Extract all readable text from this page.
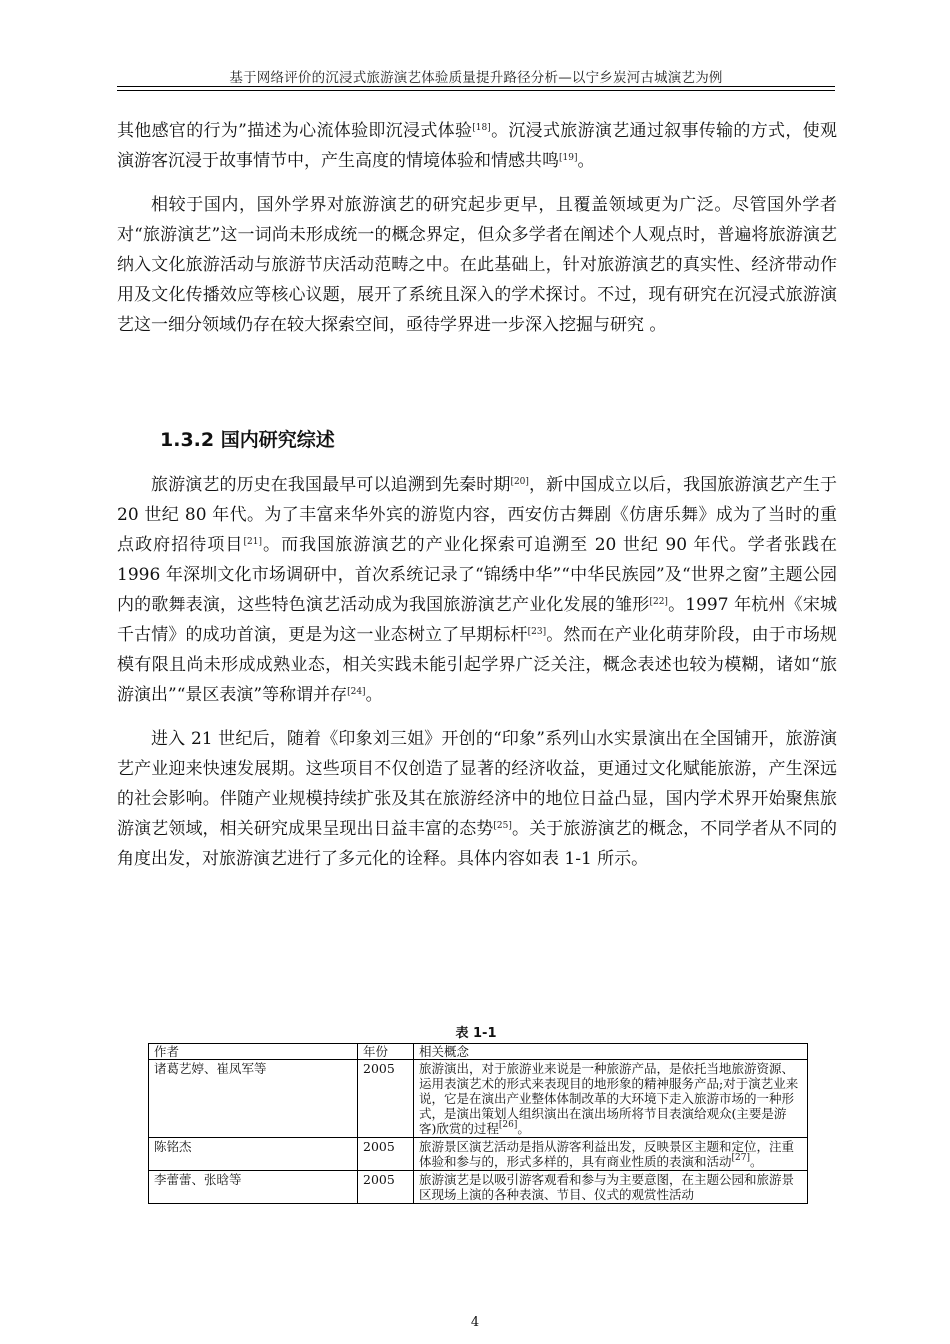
基于网络评价的沉浸式旅游演艺体验质量提升路径分析—以宁乡炭河古城演艺为例

其他感官的行为”描述为心流体验即沉浸式体验[18]。沉浸式旅游演艺通过叙事传输的方式，使观演游客沉浸于故事情节中，产生高度的情境体验和情感共鸣[19]。

相较于国内，国外学界对旅游演艺的研究起步更早，且覆盖领域更为广泛。尽管国外学者对“旅游演艺”这一词尚未形成统一的概念界定，但众多学者在阐述个人观点时，普遍将旅游演艺纳入文化旅游活动与旅游节庆活动范畴之中。在此基础上，针对旅游演艺的真实性、经济带动作用及文化传播效应等核心议题，展开了系统且深入的学术探讨。不过，现有研究在沉浸式旅游演艺这一细分领域仍存在较大探索空间，亟待学界进一步深入挖掘与研究 。

1.3.2 国内研究综述

旅游演艺的历史在我国最早可以追溯到先秦时期[20]，新中国成立以后，我国旅游演艺产生于 20 世纪 80 年代。为了丰富来华外宾的游览内容，西安仿古舞剧《仿唐乐舞》成为了当时的重点政府招待项目[21]。而我国旅游演艺的产业化探索可追溯至 20 世纪 90 年代。学者张践在 1996 年深圳文化市场调研中，首次系统记录了“锦绣中华”“中华民族园”及“世界之窗”主题公园内的歌舞表演，这些特色演艺活动成为我国旅游演艺产业化发展的雏形[22]。1997 年杭州《宋城千古情》的成功首演，更是为这一业态树立了早期标杆[23]。然而在产业化萌芽阶段，由于市场规模有限且尚未形成成熟业态，相关实践未能引起学界广泛关注，概念表述也较为模糊，诸如“旅游演出”“景区表演”等称谓并存[24]。

进入 21 世纪后，随着《印象刘三姐》开创的“印象”系列山水实景演出在全国铺开，旅游演艺产业迎来快速发展期。这些项目不仅创造了显著的经济收益，更通过文化赋能旅游，产生深远的社会影响。伴随产业规模持续扩张及其在旅游经济中的地位日益凸显，国内学术界开始聚焦旅游演艺领域，相关研究成果呈现出日益丰富的态势[25]。关于旅游演艺的概念，不同学者从不同的角度出发，对旅游演艺进行了多元化的诠释。具体内容如表 1-1 所示。

表 1-1
作者	年份	相关概念
诸葛艺婷、崔凤军等	2005	旅游演出，对于旅游业来说是一种旅游产品，是依托当地旅游资源、运用表演艺术的形式来表现目的地形象的精神服务产品;对于演艺业来说，它是在演出产业整体体制改革的大环境下走入旅游市场的一种形式，是演出策划人组织演出在演出场所将节目表演给观众(主要是游客)欣赏的过程[26]。
陈铭杰	2005	旅游景区演艺活动是指从游客利益出发，反映景区主题和定位，注重体验和参与的，形式多样的，具有商业性质的表演和活动[27]。
李蕾蕾、张晗等	2005	旅游演艺是以吸引游客观看和参与为主要意图，在主题公园和旅游景区现场上演的各种表演、节目、仪式的观赏性活动
4
